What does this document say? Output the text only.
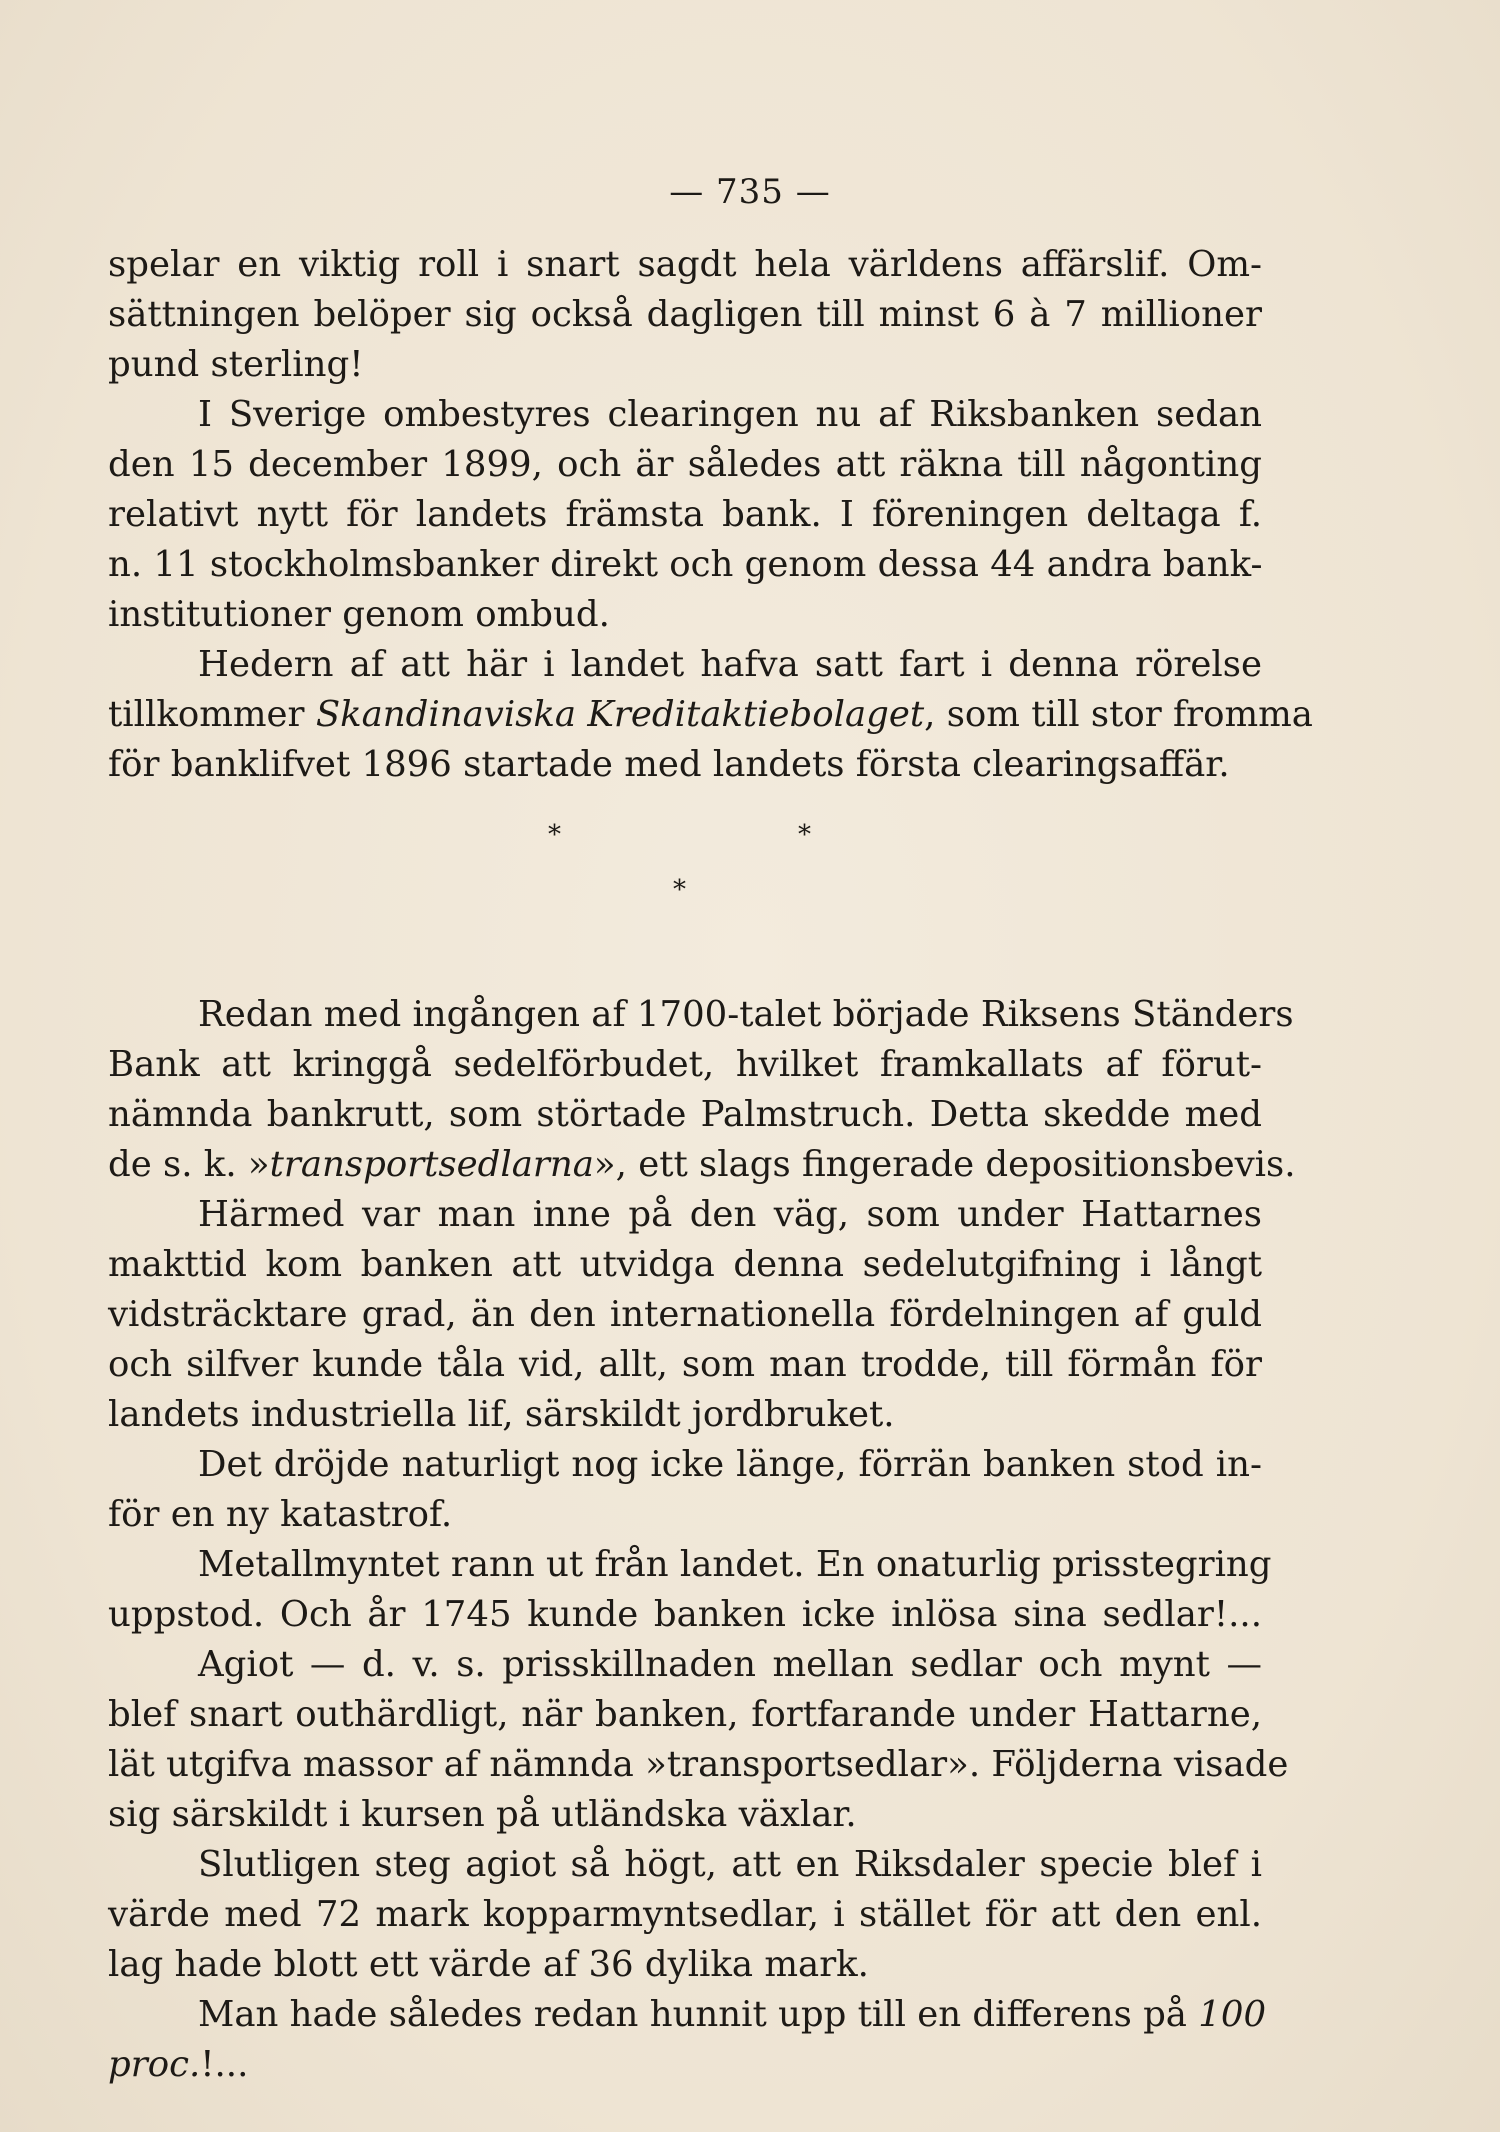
— 735 —
spelar en viktig roll i snart sagdt hela världens affärslif. Om-
sättningen belöper sig också dagligen till minst 6 à 7 millioner
pund sterling!
I Sverige ombestyres clearingen nu af Riksbanken sedan
den 15 december 1899, och är således att räkna till någonting
relativt nytt för landets främsta bank. I föreningen deltaga f.
n. 11 stockholmsbanker direkt och genom dessa 44 andra bank-
institutioner genom ombud.
Hedern af att här i landet hafva satt fart i denna rörelse
tillkommer Skandinaviska Kreditaktiebolaget, som till stor fromma
för banklifvet 1896 startade med landets första clearingsaffär.
*	*
*
Redan med ingången af 1700-talet började Riksens Ständers
Bank att kringgå sedelförbudet, hvilket framkallats af förut-
nämnda bankrutt, som störtade Palmstruch. Detta skedde med
de s. k. »transportsedlarna», ett slags fingerade depositionsbevis.
Härmed var man inne på den väg, som under Hattarnes
makttid kom banken att utvidga denna sedelutgifning i långt
vidsträcktare grad, än den internationella fördelningen af guld
och silfver kunde tåla vid, allt, som man trodde, till förmån för
landets industriella lif, särskildt jordbruket.
Det dröjde naturligt nog icke länge, förrän banken stod in-
för en ny katastrof.
Metallmyntet rann ut från landet. En onaturlig prisstegring
uppstod. Och år 1745 kunde banken icke inlösa sina sedlar!...
Agiot — d. v. s. prisskillnaden mellan sedlar och mynt —
blef snart outhärdligt, när banken, fortfarande under Hattarne,
lät utgifva massor af nämnda »transportsedlar». Följderna visade
sig särskildt i kursen på utländska växlar.
Slutligen steg agiot så högt, att en Riksdaler specie blef i
värde med 72 mark kopparmyntsedlar, i stället för att den enl.
lag hade blott ett värde af 36 dylika mark.
Man hade således redan hunnit upp till en differens på 100
proc.!...
